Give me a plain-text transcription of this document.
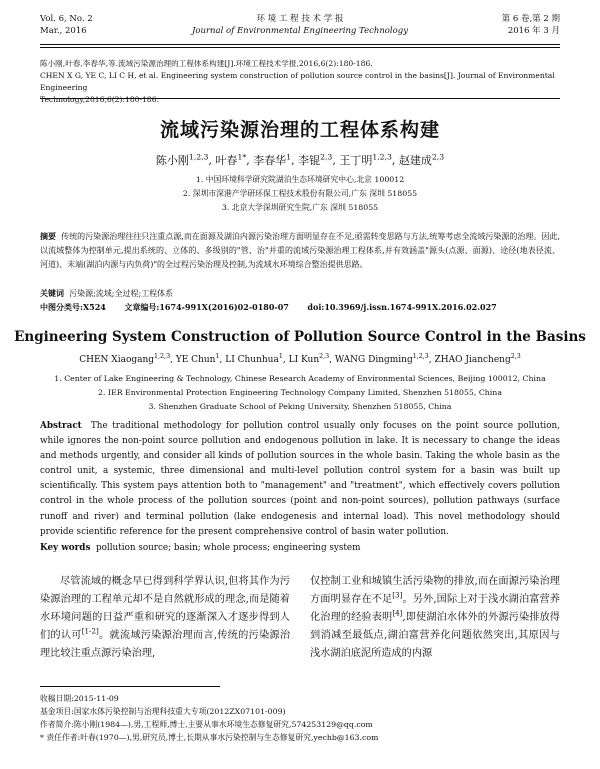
Vol. 6, No. 2
Mar., 2016
环 境 工 程 技 术 学 报
Journal of Environmental Engineering Technology
第 6 卷,第 2 期
2016 年 3 月
陈小刚,叶春,李春华,等.流域污染源治理的工程体系构建[J].环境工程技术学报,2016,6(2):180-186.
CHEN X G, YE C, LI C H, et al. Engineering system construction of pollution source control in the basins[J]. Journal of Environmental Engineering
Technology,2016,6(2):180-186.
流域污染源治理的工程体系构建
陈小刚$^{1,2,3}$, 叶春$^{1*}$, 李春华$^1$, 李锟$^{2,3}$, 王丁明$^{1,2,3}$, 赵建成$^{2,3}$
1. 中国环境科学研究院湖泊生态环境研究中心,北京 100012
2. 深圳市深港产学研环保工程技术股份有限公司,广东 深圳 518055
3. 北京大学深圳研究生院,广东 深圳 518055
摘要 传统的污染源治理往往只注重点源,而在面源及湖泊内源污染治理方面明显存在不足,亟需转变思路与方法,统筹考虑全流域污染源的治理。因此,以流域整体为控制单元,提出系统的、立体的、多级别的"管、治"并重的流域污染源治理工程体系,并有效涵盖"源头(点源、面源)、途径(地表径流、河道)、末端(湖泊内源与内负荷)"的全过程污染治理及控制,为流域水环境综合整治提供思路。
关键词 污染源;流域;全过程;工程体系
中图分类号:X524 文章编号:1674-991X(2016)02-0180-07 doi:10.3969/j.issn.1674-991X.2016.02.027
Engineering System Construction of Pollution Source Control in the Basins
CHEN Xiaogang$^{1,2,3}$, YE Chun$^1$, LI Chunhua$^1$, LI Kun$^{2,3}$, WANG Dingming$^{1,2,3}$, ZHAO Jiancheng$^{2,3}$
1. Center of Lake Engineering & Technology, Chinese Research Academy of Environmental Sciences, Beijing 100012, China
2. IER Environmental Protection Engineering Technology Company Limited, Shenzhen 518055, China
3. Shenzhen Graduate School of Peking University, Shenzhen 518055, China
Abstract The traditional methodology for pollution control usually only focuses on the point source pollution, while ignores the non-point source pollution and endogenous pollution in lake. It is necessary to change the ideas and methods urgently, and consider all kinds of pollution sources in the whole basin. Taking the whole basin as the control unit, a systemic, three dimensional and multi-level pollution control system for a basin was built up scientifically. This system pays attention both to "management" and "treatment", which effectively covers pollution control in the whole process of the pollution sources (point and non-point sources), pollution pathways (surface runoff and river) and terminal pollution (lake endogenesis and internal load). This novel methodology should provide scientific reference for the present comprehensive control of basin water pollution.
Key words pollution source; basin; whole process; engineering system
尽管流域的概念早已得到科学界认识,但将其作为污染源治理的工程单元却不是自然就形成的理念,而是随着水环境问题的日益严重和研究的逐渐深入才逐步得到人们的认可[1-2]。就流域污染源治理而言,传统的污染源治理比较注重点源污染治理,
仅控制工业和城镇生活污染物的排放,而在面源污染治理方面明显存在不足[3]。另外,国际上对于浅水湖泊富营养化治理的经验表明[4],即使湖泊水体外的外源污染排放得到消减至最低点,湖泊富营养化问题依然突出,其原因与浅水湖泊底泥所造成的内源
收稿日期:2015-11-09
基金项目:国家水体污染控制与治理科技重大专项(2012ZX07101-009)
作者简介:陈小刚(1984—),男,工程师,博士,主要从事水环境生态修复研究,574253129@qq.com
* 责任作者:叶春(1970—),男,研究员,博士,长期从事水污染控制与生态修复研究,yechb@163.com
